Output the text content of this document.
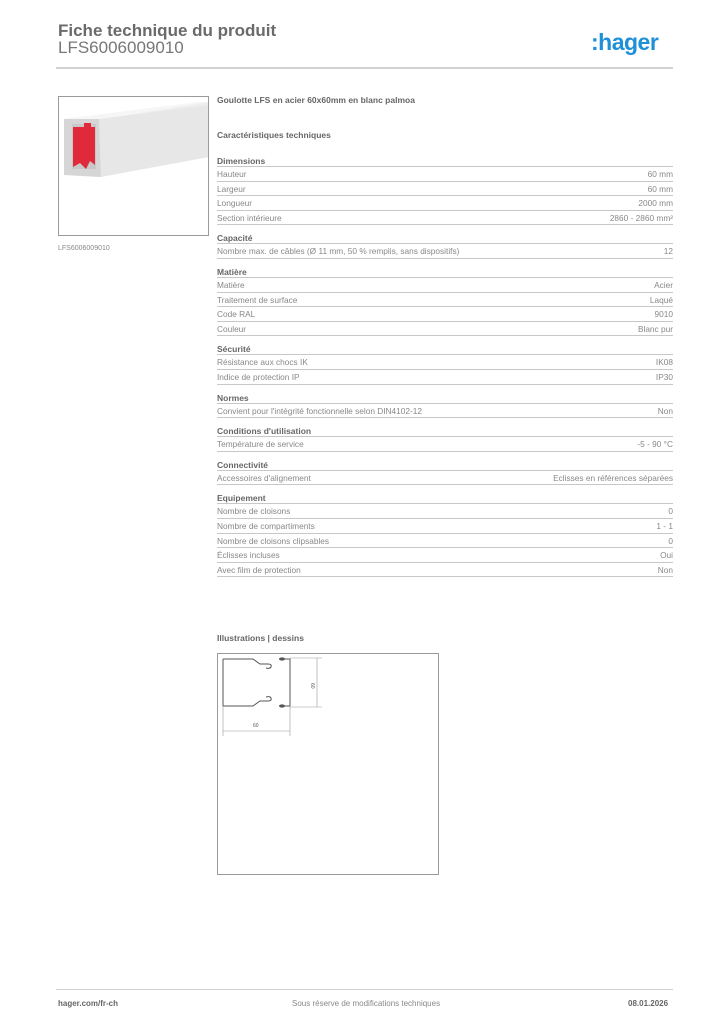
Fiche technique du produit
LFS6006009010	:hager
LFS6006009010
Goulotte LFS en acier 60x60mm en blanc palmoa
Caractéristiques techniques
Dimensions
Hauteur	60 mm
Largeur	60 mm
Longueur	2000 mm
Section intérieure	2860 - 2860 mm²
Capacité
Nombre max. de câbles (Ø 11 mm, 50 % remplis, sans dispositifs)	12
Matière
Matière	Acier
Traitement de surface	Laqué
Code RAL	9010
Couleur	Blanc pur
Sécurité
Résistance aux chocs IK	IK08
Indice de protection IP	IP30
Normes
Convient pour l'intégrité fonctionnelle selon DIN4102-12	Non
Conditions d'utilisation
Température de service	-5 - 90 °C
Connectivité
Accessoires d'alignement	Eclisses en références séparées
Equipement
Nombre de cloisons	0
Nombre de compartiments	1 - 1
Nombre de cloisons clipsables	0
Éclisses incluses	Oui
Avec film de protection	Non
Illustrations | dessins
60
60
hager.com/fr-ch	Sous réserve de modifications techniques	08.01.2026
